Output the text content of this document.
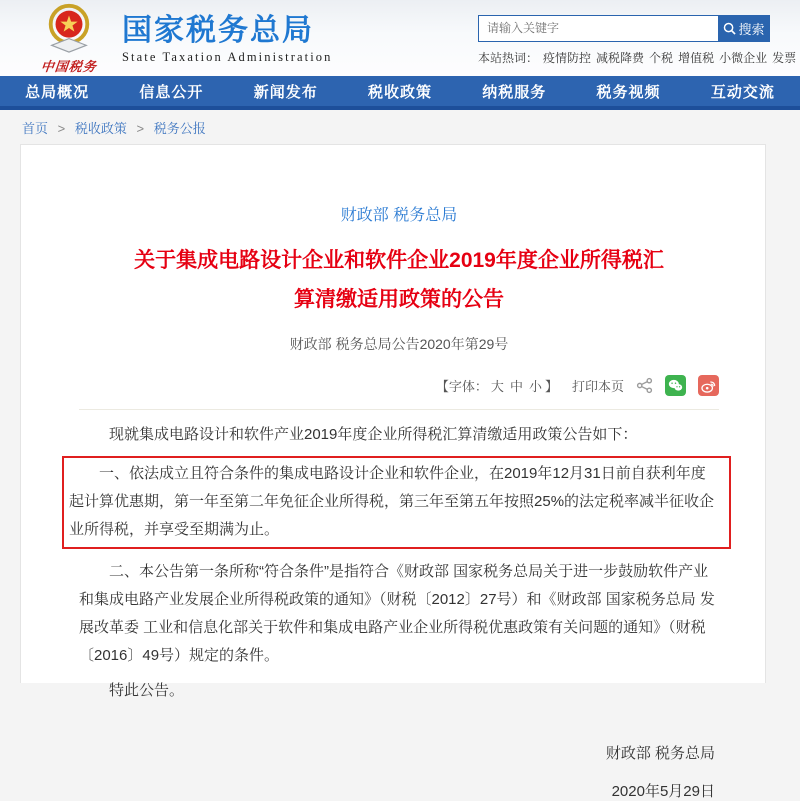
中国税务
国家税务总局
State Taxation Administration
请输入关键字
搜索
本站热词： 疫情防控 减税降费 个税 增值税 小微企业 发票
总局概况	信息公开	新闻发布	税收政策	纳税服务	税务视频	互动交流
首页 > 税收政策 > 税务公报
财政部 税务总局
关于集成电路设计企业和软件企业2019年度企业所得税汇算清缴适用政策的公告
财政部 税务总局公告2020年第29号
【字体： 大 中 小 】 打印本页

现就集成电路设计和软件产业2019年度企业所得税汇算清缴适用政策公告如下：

一、依法成立且符合条件的集成电路设计企业和软件企业，在2019年12月31日前自获利年度起计算优惠期，第一年至第二年免征企业所得税，第三年至第五年按照25%的法定税率减半征收企业所得税，并享受至期满为止。

二、本公告第一条所称“符合条件”是指符合《财政部 国家税务总局关于进一步鼓励软件产业和集成电路产业发展企业所得税政策的通知》（财税〔2012〕27号）和《财政部 国家税务总局 发展改革委 工业和信息化部关于软件和集成电路产业企业所得税优惠政策有关问题的通知》（财税〔2016〕49号）规定的条件。

特此公告。

财政部 税务总局
2020年5月29日
